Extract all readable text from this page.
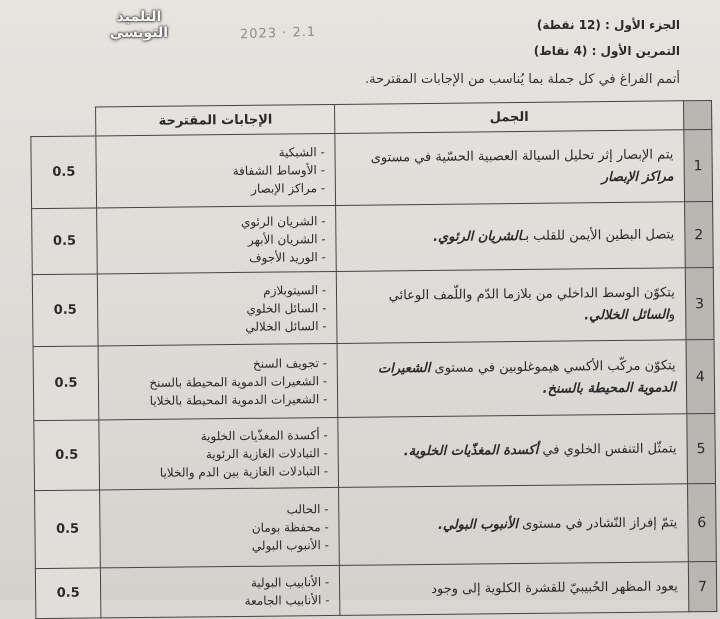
التلميذ
التونسي	2023 · 2.1	الجزء الأول : (12 نقطة)
التمرين الأول : (4 نقاط)
أتمم الفراغ في كل جملة بما يُناسب من الإجابات المقترحة.
	الجمل	الإجابات المقترحة	
1	يتم الإبصار إثر تحليل السيالة العصبية الحسّية في مستوى مراكز الإبصار	- الشبكية
- الأوساط الشفافة
- مراكز الإبصار	0.5
2	يتصل البطين الأيمن للقلب بـالشريان الرئوي.	- الشريان الرئوي
- الشريان الأبهر
- الوريد الأجوف	0.5
3	يتكوّن الوسط الداخلي من بلازما الدّم واللّمف الوعائي والسائل الخلالي.	- السيتوبلازم
- السائل الخلوي
- السائل الخلالي	0.5
4	يتكوّن مركّب الأكسي هيموغلوبين في مستوى الشعيرات الدموية المحيطة بالسنخ.	- تجويف السنخ
- الشعيرات الدموية المحيطة بالسنخ
- الشعيرات الدموية المحيطة بالخلايا	0.5
5	يتمثّل التنفس الخلوي في أكسدة المغذّيات الخلوية.	- أكسدة المغذّيات الخلوية
- التبادلات الغازية الرئوية
- التبادلات الغازية بين الدم والخلايا	0.5
6	يتمّ إفراز النّشادر في مستوى الأنبوب البولي.	- الحالب
- محفظة بومان
- الأنبوب البولي	0.5
7	يعود المظهر الحُبيبيّ للقشرة الكلوية إلى وجود	- الأنابيب البولية
- الأنابيب الجامعة	0.5
